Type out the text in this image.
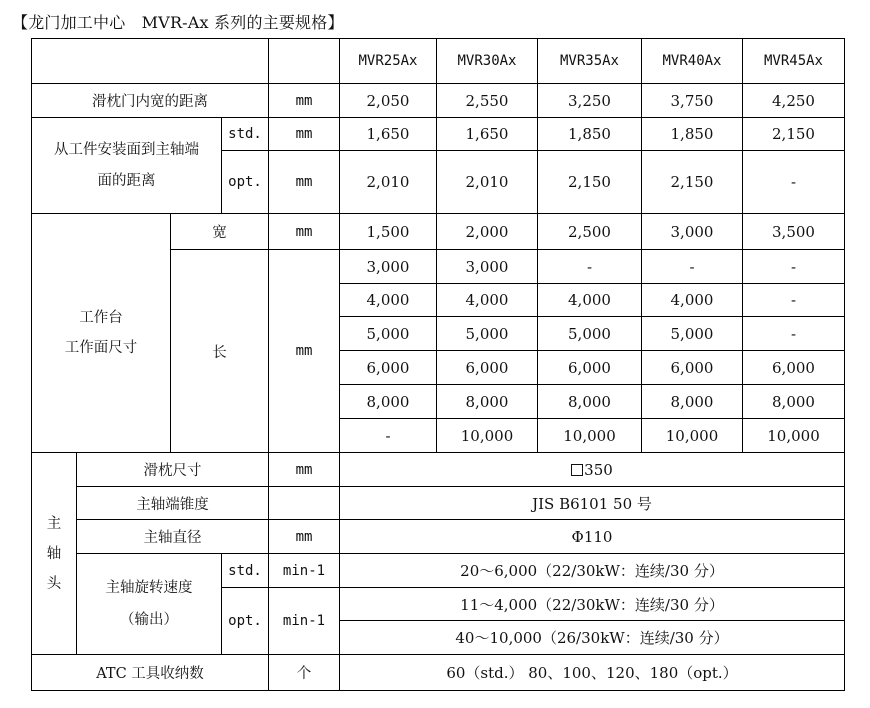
【龙门加工中心　MVR-Ax 系列的主要规格】
					MVR25Ax	MVR30Ax	MVR35Ax	MVR40Ax	MVR45Ax
滑枕门内宽的距离				mm	2,050	2,550	3,250	3,750	4,250

从工件安装面到主轴端
面的距离			std.	mm	1,650	1,650	1,850	1,850	2,150
			opt.	mm	2,010	2,010	2,150	2,150	-

工作台
工作面尺寸		宽		mm	1,500	2,000	2,500	3,000	3,500
		长		mm	3,000	3,000	-	-	-
					4,000	4,000	4,000	4,000	-
					5,000	5,000	5,000	5,000	-
					6,000	6,000	6,000	6,000	6,000
					8,000	8,000	8,000	8,000	8,000
					-	10,000	10,000	10,000	10,000

主
轴
头	滑枕尺寸			mm	350				
	主轴端锥度				JIS B6101 50 号				
	主轴直径			mm	Φ110				

	主轴旋转速度
（输出）		std.	min-1	20～6,000（22/30kW：连续/30 分）				
			opt.	min-1	11～4,000（22/30kW：连续/30 分）				
					40～10,000（26/30kW：连续/30 分）				
ATC 工具收纳数				个	60（std.） 80、100、120、180（opt.）				
